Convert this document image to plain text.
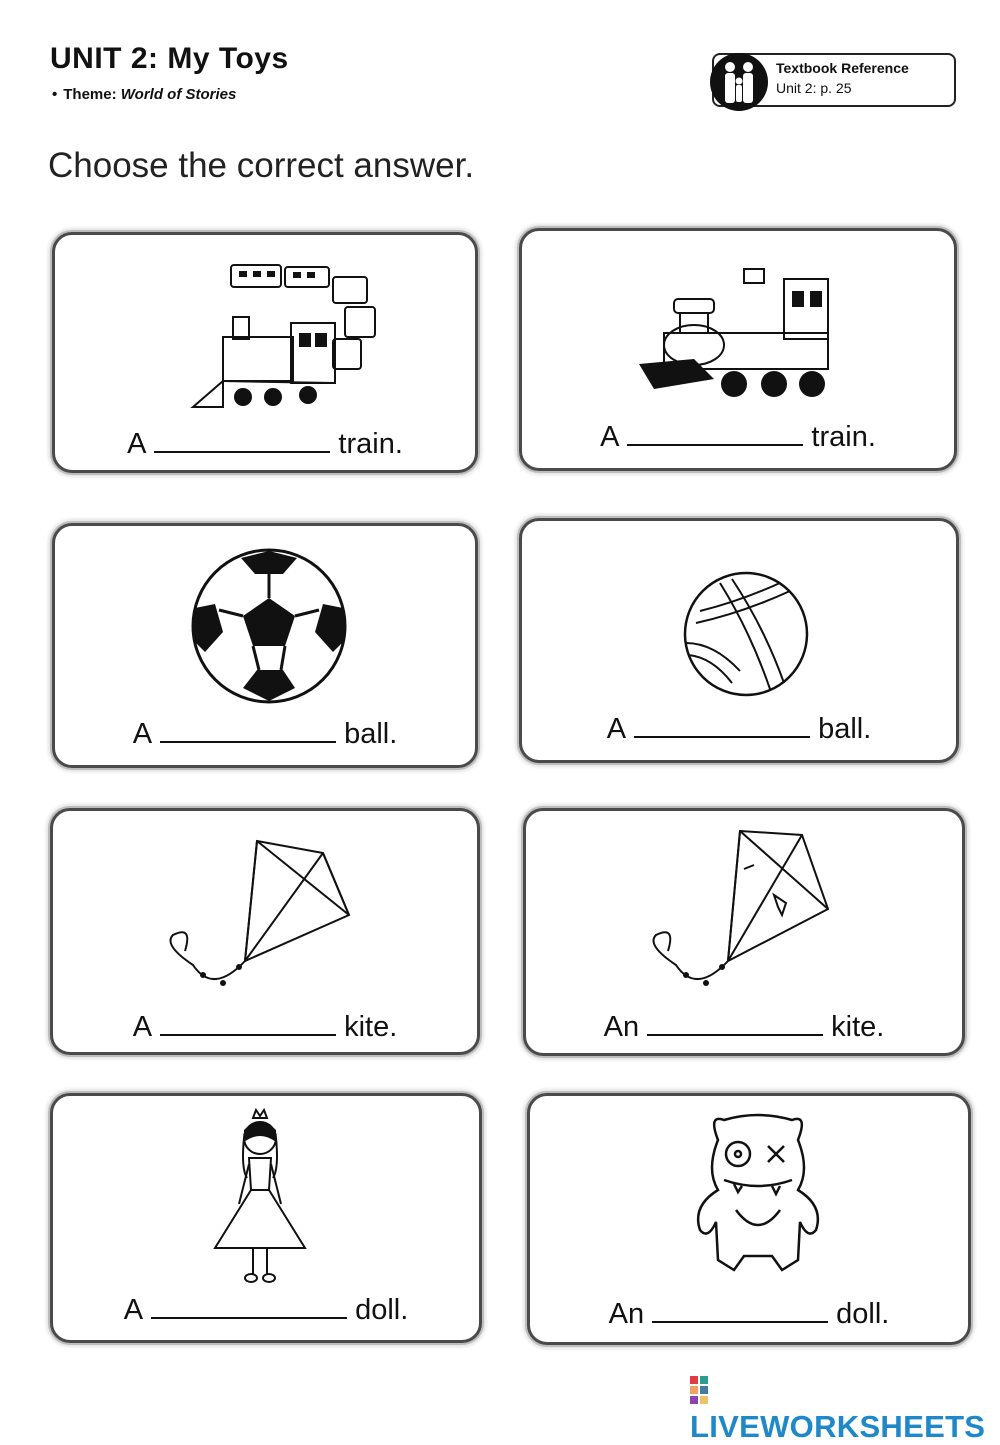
UNIT 2: My Toys
• Theme: World of Stories
Textbook Reference
Unit 2: p. 25
Choose the correct answer.
A	train.	A	train.
A	ball.	A	ball.
A	kite.	An	kite.
A	doll.	An	doll.
LIVEWORKSHEETS
